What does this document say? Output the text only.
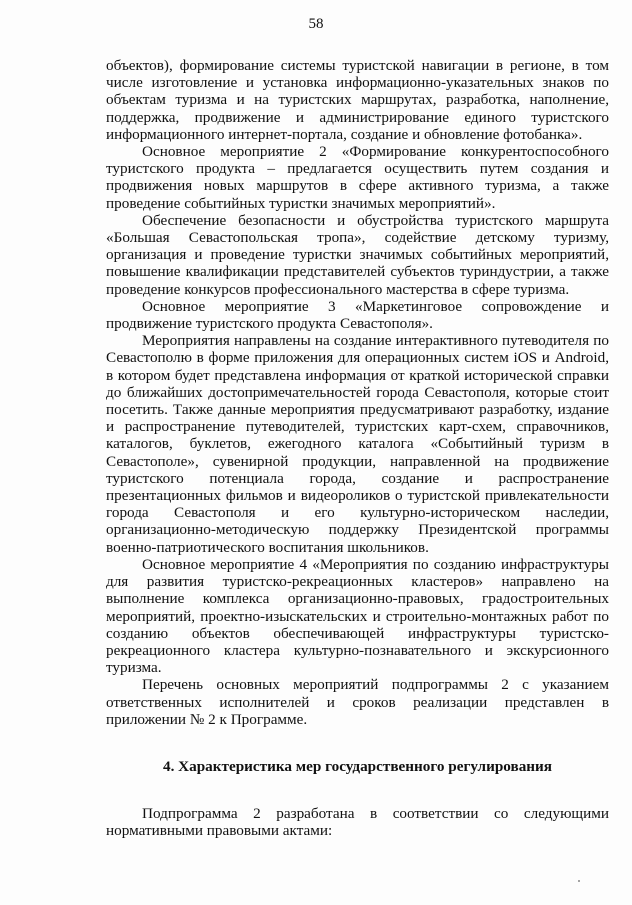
58

объектов), формирование системы туристской навигации в регионе, в том числе изготовление и установка информационно-указательных знаков по объектам туризма и на туристских маршрутах, разработка, наполнение, поддержка, продвижение и администрирование единого туристского информационного интернет-портала, создание и обновление фотобанка».

Основное мероприятие 2 «Формирование конкурентоспособного туристского продукта – предлагается осуществить путем создания и продвижения новых маршрутов в сфере активного туризма, а также проведение событийных туристки значимых мероприятий».

Обеспечение безопасности и обустройства туристского маршрута «Большая Севастопольская тропа», содействие детскому туризму, организация и проведение туристки значимых событийных мероприятий, повышение квалификации представителей субъектов туриндустрии, а также проведение конкурсов профессионального мастерства в сфере туризма.

Основное мероприятие 3 «Маркетинговое сопровождение и продвижение туристского продукта Севастополя».

Мероприятия направлены на создание интерактивного путеводителя по Севастополю в форме приложения для операционных систем iOS и Android, в котором будет представлена информация от краткой исторической справки до ближайших достопримечательностей города Севастополя, которые стоит посетить. Также данные мероприятия предусматривают разработку, издание и распространение путеводителей, туристских карт-схем, справочников, каталогов, буклетов, ежегодного каталога «Событийный туризм в Севастополе», сувенирной продукции, направленной на продвижение туристского потенциала города, создание и распространение презентационных фильмов и видеороликов о туристской привлекательности города Севастополя и его культурно-историческом наследии, организационно-методическую поддержку Президентской программы военно-патриотического воспитания школьников.

Основное мероприятие 4 «Мероприятия по созданию инфраструктуры для развития туристско-рекреационных кластеров» направлено на выполнение комплекса организационно-правовых, градостроительных мероприятий, проектно-изыскательских и строительно-монтажных работ по созданию объектов обеспечивающей инфраструктуры туристско-рекреационного кластера культурно-познавательного и экскурсионного туризма.

Перечень основных мероприятий подпрограммы 2 с указанием ответственных исполнителей и сроков реализации представлен в приложении № 2 к Программе.

4. Характеристика мер государственного регулирования

Подпрограмма 2 разработана в соответствии со следующими нормативными правовыми актами:
